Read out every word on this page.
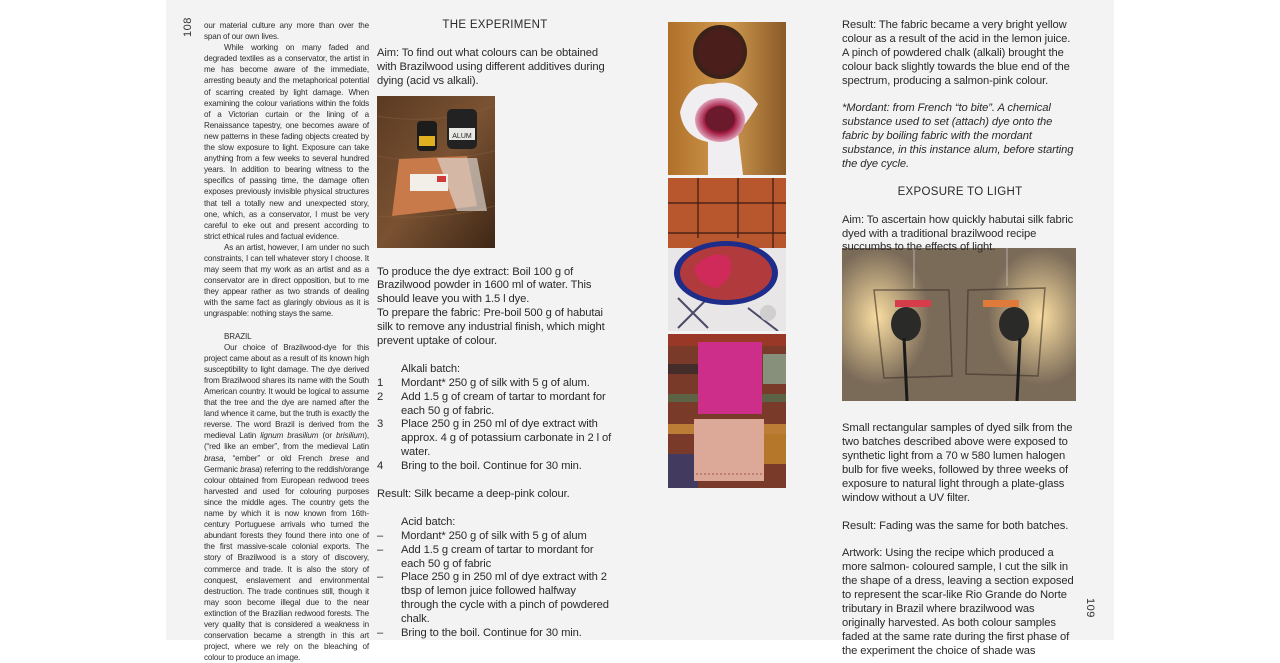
108
109

our material culture any more than over the span of our own lives.

While working on many faded and degraded textiles as a conservator, the artist in me has become aware of the immediate, arresting beauty and the metaphorical potential of scarring created by light damage. When examining the colour variations within the folds of a Victorian curtain or the lining of a Renaissance tapestry, one becomes aware of new patterns in these fading objects created by the slow exposure to light. Exposure can take anything from a few weeks to several hundred years. In addition to bearing witness to the specifics of passing time, the damage often exposes previously invisible physical structures that tell a totally new and unexpected story, one, which, as a conservator, I must be very careful to eke out and present according to strict ethical rules and factual evidence.

As an artist, however, I am under no such constraints, I can tell whatever story I choose. It may seem that my work as an artist and as a conservator are in direct opposition, but to me they appear rather as two strands of dealing with the same fact as glaringly obvious as it is ungraspable: nothing stays the same.

BRAZIL

Our choice of Brazilwood-dye for this project came about as a result of its known high susceptibility to light damage. The dye derived from Brazilwood shares its name with the South American country. It would be logical to assume that the tree and the dye are named after the land whence it came, but the truth is exactly the reverse. The word Brazil is derived from the medieval Latin lignum brasilium (or brisilium), (“red like an ember”, from the medieval Latin brasa, “ember” or old French brese and Germanic brasa) referring to the reddish/orange colour obtained from European redwood trees harvested and used for colouring purposes since the middle ages. The country gets the name by which it is now known from 16th-century Portuguese arrivals who turned the abundant forests they found there into one of the first massive-scale colonial exports. The story of Brazilwood is a story of discovery, commerce and trade. It is also the story of conquest, enslavement and environmental destruction. The trade continues still, though it may soon become illegal due to the near extinction of the Brazilian redwood forests. The very quality that is considered a weakness in conservation became a strength in this art project, where we rely on the bleaching of colour to produce an image.

THE EXPERIMENT

Aim: To find out what colours can be obtained with Brazilwood using different additives during dying (acid vs alkali).

To produce the dye extract: Boil 100 g of Brazilwood powder in 1600 ml of water. This should leave you with 1.5 l dye.

To prepare the fabric: Pre-boil 500 g of habutai silk to remove any industrial finish, which might prevent uptake of colour.

Alkali batch:

1	Mordant* 250 g of silk with 5 g of alum.
2	Add 1.5 g of cream of tartar to mordant for each 50 g of fabric.
3	Place 250 g in 250 ml of dye extract with approx. 4 g of potassium carbonate in 2 l of water.
4	Bring to the boil. Continue for 30 min.

Result: Silk became a deep-pink colour.

Acid batch:

–	Mordant* 250 g of silk with 5 g of alum
–	Add 1.5 g cream of tartar to mordant for each 50 g of fabric
–	Place 250 g in 250 ml of dye extract with 2 tbsp of lemon juice followed halfway through the cycle with a pinch of powdered chalk.
–	Bring to the boil. Continue for 30 min.
ALUM

Result: The fabric became a very bright yellow colour as a result of the acid in the lemon juice. A pinch of powdered chalk (alkali) brought the colour back slightly towards the blue end of the spectrum, producing a salmon-pink colour.

*Mordant: from French “to bite”. A chemical substance used to set (attach) dye onto the fabric by boiling fabric with the mordant substance, in this instance alum, before starting the dye cycle.

EXPOSURE TO LIGHT

Aim: To ascertain how quickly habutai silk fabric dyed with a traditional brazilwood recipe succumbs to the effects of light.

Small rectangular samples of dyed silk from the two batches described above were exposed to synthetic light from a 70 w 580 lumen halogen bulb for five weeks, followed by three weeks of exposure to natural light through a plate-glass window without a UV filter.

Result: Fading was the same for both batches.

Artwork: Using the recipe which produced a more salmon- coloured sample, I cut the silk in the shape of a dress, leaving a section exposed to represent the scar-like Rio Grande do Norte tributary in Brazil where brazilwood was originally harvested. As both colour samples faded at the same rate during the first phase of the experiment the choice of shade was
